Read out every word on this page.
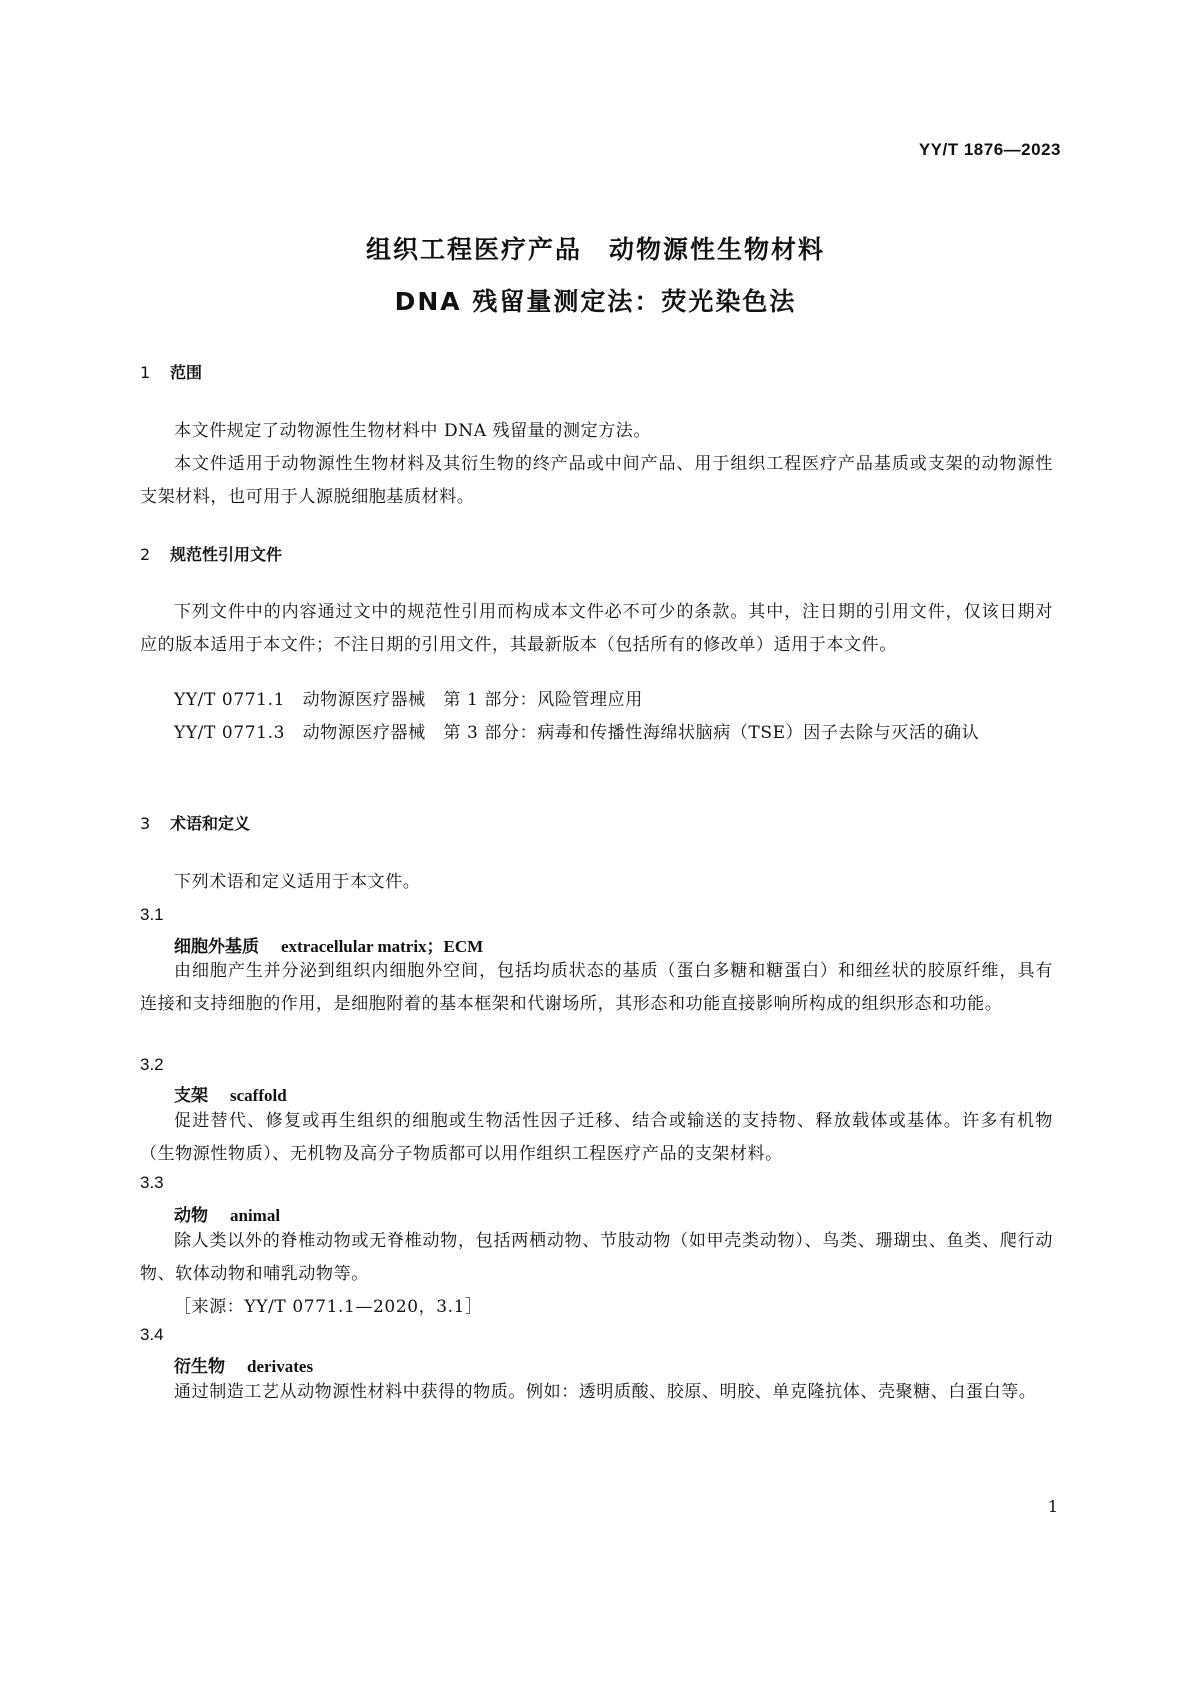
YY/T 1876—2023
组织工程医疗产品　动物源性生物材料
DNA 残留量测定法：荧光染色法
1 范围
本文件规定了动物源性生物材料中 DNA 残留量的测定方法。
本文件适用于动物源性生物材料及其衍生物的终产品或中间产品、用于组织工程医疗产品基质或支架的动物源性支架材料，也可用于人源脱细胞基质材料。
2 规范性引用文件
下列文件中的内容通过文中的规范性引用而构成本文件必不可少的条款。其中，注日期的引用文件，仅该日期对应的版本适用于本文件；不注日期的引用文件，其最新版本（包括所有的修改单）适用于本文件。
YY/T 0771.1　动物源医疗器械　第 1 部分：风险管理应用
YY/T 0771.3　动物源医疗器械　第 3 部分：病毒和传播性海绵状脑病（TSE）因子去除与灭活的确认
3 术语和定义
下列术语和定义适用于本文件。
3.1
细胞外基质 extracellular matrix；ECM
由细胞产生并分泌到组织内细胞外空间，包括均质状态的基质（蛋白多糖和糖蛋白）和细丝状的胶原纤维，具有连接和支持细胞的作用，是细胞附着的基本框架和代谢场所，其形态和功能直接影响所构成的组织形态和功能。
3.2
支架 scaffold
促进替代、修复或再生组织的细胞或生物活性因子迁移、结合或输送的支持物、释放载体或基体。许多有机物（生物源性物质）、无机物及高分子物质都可以用作组织工程医疗产品的支架材料。
3.3
动物 animal
除人类以外的脊椎动物或无脊椎动物，包括两栖动物、节肢动物（如甲壳类动物）、鸟类、珊瑚虫、鱼类、爬行动物、软体动物和哺乳动物等。
［来源：YY/T 0771.1—2020，3.1］
3.4
衍生物 derivates
通过制造工艺从动物源性材料中获得的物质。例如：透明质酸、胶原、明胶、单克隆抗体、壳聚糖、白蛋白等。
1
